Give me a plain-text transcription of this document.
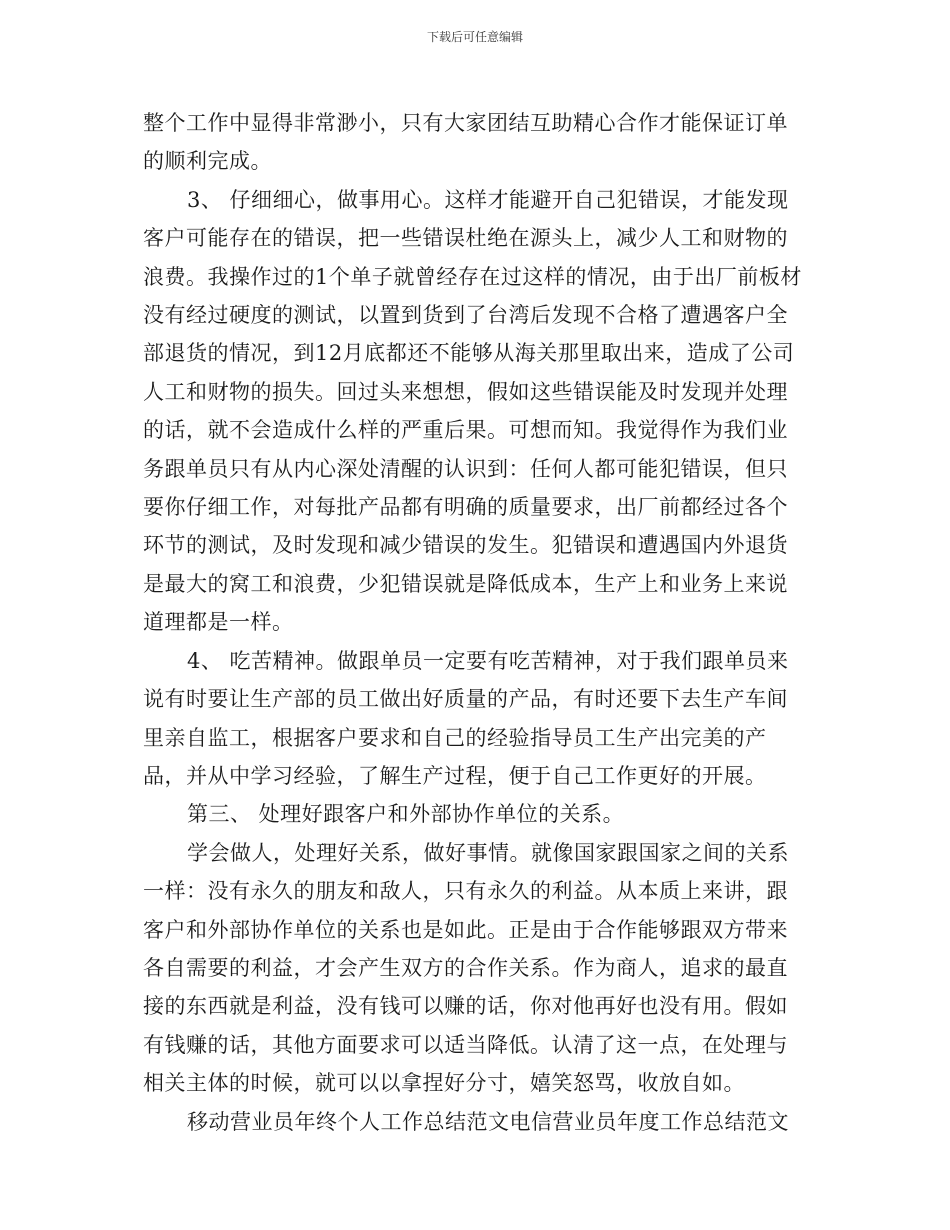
下载后可任意编辑

整个工作中显得非常渺小，只有大家团结互助精心合作才能保证订单的顺利完成。

3、 仔细细心，做事用心。这样才能避开自己犯错误，才能发现客户可能存在的错误，把一些错误杜绝在源头上，减少人工和财物的浪费。我操作过的1个单子就曾经存在过这样的情况，由于出厂前板材没有经过硬度的测试，以置到货到了台湾后发现不合格了遭遇客户全部退货的情况，到12月底都还不能够从海关那里取出来，造成了公司人工和财物的损失。回过头来想想，假如这些错误能及时发现并处理的话，就不会造成什么样的严重后果。可想而知。我觉得作为我们业务跟单员只有从内心深处清醒的认识到：任何人都可能犯错误，但只要你仔细工作，对每批产品都有明确的质量要求，出厂前都经过各个环节的测试，及时发现和减少错误的发生。犯错误和遭遇国内外退货是最大的窝工和浪费，少犯错误就是降低成本，生产上和业务上来说道理都是一样。

4、 吃苦精神。做跟单员一定要有吃苦精神，对于我们跟单员来说有时要让生产部的员工做出好质量的产品，有时还要下去生产车间里亲自监工，根据客户要求和自己的经验指导员工生产出完美的产品，并从中学习经验，了解生产过程，便于自己工作更好的开展。

第三、 处理好跟客户和外部协作单位的关系。

学会做人，处理好关系，做好事情。就像国家跟国家之间的关系一样：没有永久的朋友和敌人，只有永久的利益。从本质上来讲，跟客户和外部协作单位的关系也是如此。正是由于合作能够跟双方带来各自需要的利益，才会产生双方的合作关系。作为商人，追求的最直接的东西就是利益，没有钱可以赚的话，你对他再好也没有用。假如有钱赚的话，其他方面要求可以适当降低。认清了这一点，在处理与相关主体的时候，就可以以拿捏好分寸，嬉笑怒骂，收放自如。

移动营业员年终个人工作总结范文电信营业员年度工作总结范文
